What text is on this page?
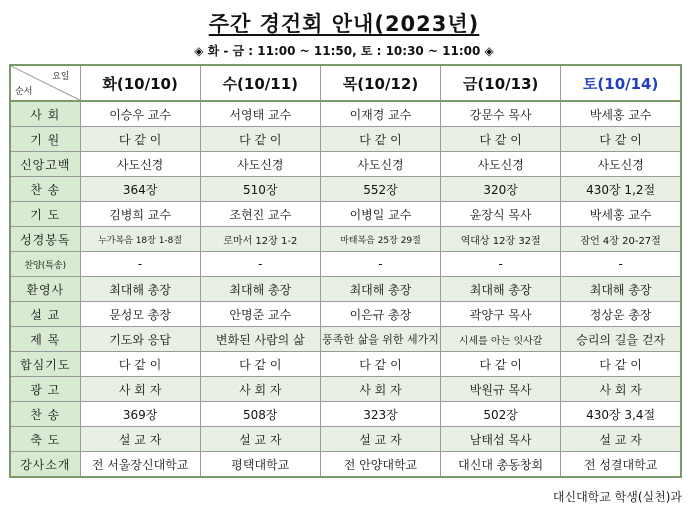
주간 경건회 안내(2023년)
◈ 화 - 금 : 11:00 ~ 11:50, 토 : 10:30 ~ 11:00 ◈
요일
순서	화(10/10)	수(10/11)	목(10/12)	금(10/13)	토(10/14)
사 회	이승우 교수	서영태 교수	이재경 교수	강문수 목사	박세홍 교수
기 원	다 같 이	다 같 이	다 같 이	다 같 이	다 같 이
신앙고백	사도신경	사도신경	사도신경	사도신경	사도신경
찬 송	364장	510장	552장	320장	430장 1,2절
기 도	김병희 교수	조현진 교수	이병일 교수	윤장식 목사	박세홍 교수
성경봉독	누가복음 18장 1-8절	로마서 12장 1-2	마태복음 25장 29절	역대상 12장 32절	잠언 4장 20-27절
찬양(특송)	-	-	-	-	-
환영사	최대해 총장	최대해 총장	최대해 총장	최대해 총장	최대해 총장
설 교	문성모 총장	안명준 교수	이은규 총장	곽양구 목사	정상운 총장
제 목	기도와 응답	변화된 사람의 삶	풍족한 삶을 위한 세가지	시세를 아는 잇사갈	승리의 길을 걷자
합심기도	다 같 이	다 같 이	다 같 이	다 같 이	다 같 이
광 고	사 회 자	사 회 자	사 회 자	박원규 목사	사 회 자
찬 송	369장	508장	323장	502장	430장 3,4절
축 도	설 교 자	설 교 자	설 교 자	남태섭 목사	설 교 자
강사소개	전 서울장신대학교	평택대학교	전 안양대학교	대신대 총동창회	전 성결대학교
대신대학교 학생(실천)과
